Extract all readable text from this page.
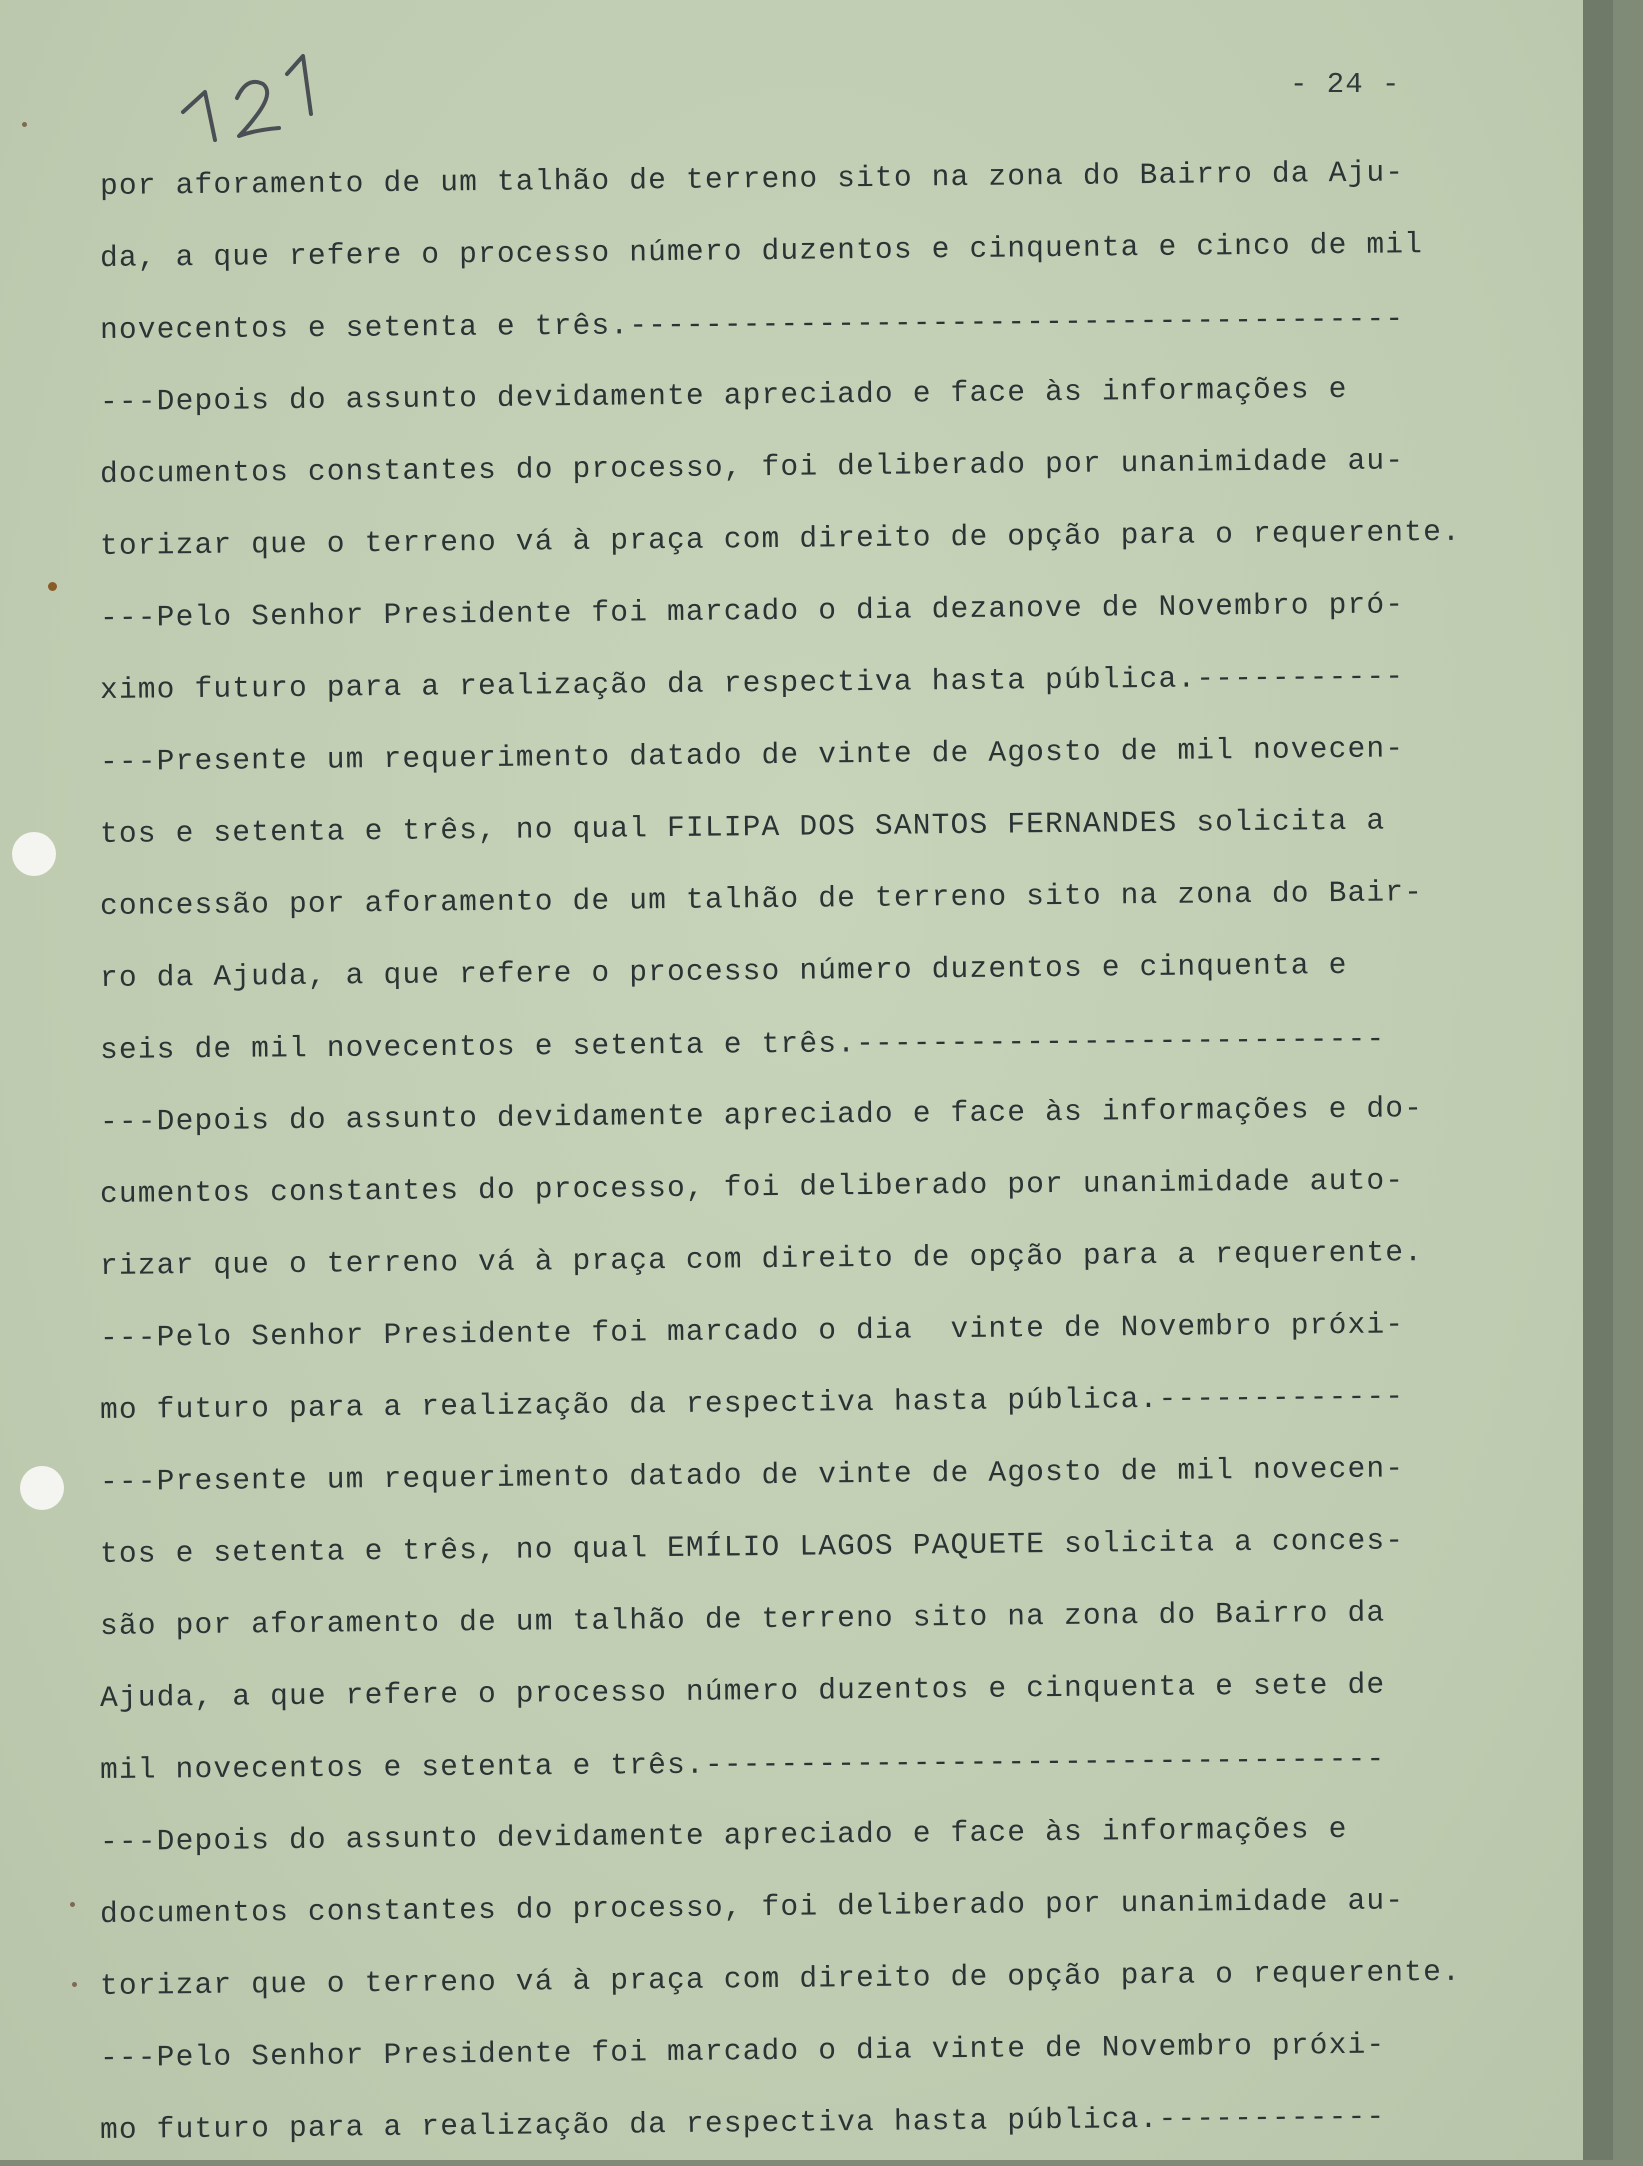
- 24 -
por aforamento de um talhão de terreno sito na zona do Bairro da Aju-
da, a que refere o processo número duzentos e cinquenta e cinco de mil
novecentos e setenta e três.-----------------------------------------
---Depois do assunto devidamente apreciado e face às informações e
documentos constantes do processo, foi deliberado por unanimidade au-
torizar que o terreno vá à praça com direito de opção para o requerente.
---Pelo Senhor Presidente foi marcado o dia dezanove de Novembro pró-
ximo futuro para a realização da respectiva hasta pública.-----------
---Presente um requerimento datado de vinte de Agosto de mil novecen-
tos e setenta e três, no qual FILIPA DOS SANTOS FERNANDES solicita a
concessão por aforamento de um talhão de terreno sito na zona do Bair-
ro da Ajuda, a que refere o processo número duzentos e cinquenta e
seis de mil novecentos e setenta e três.----------------------------
---Depois do assunto devidamente apreciado e face às informações e do-
cumentos constantes do processo, foi deliberado por unanimidade auto-
rizar que o terreno vá à praça com direito de opção para a requerente.
---Pelo Senhor Presidente foi marcado o dia  vinte de Novembro próxi-
mo futuro para a realização da respectiva hasta pública.-------------
---Presente um requerimento datado de vinte de Agosto de mil novecen-
tos e setenta e três, no qual EMÍLIO LAGOS PAQUETE solicita a conces-
são por aforamento de um talhão de terreno sito na zona do Bairro da
Ajuda, a que refere o processo número duzentos e cinquenta e sete de
mil novecentos e setenta e três.------------------------------------
---Depois do assunto devidamente apreciado e face às informações e
documentos constantes do processo, foi deliberado por unanimidade au-
torizar que o terreno vá à praça com direito de opção para o requerente.
---Pelo Senhor Presidente foi marcado o dia vinte de Novembro próxi-
mo futuro para a realização da respectiva hasta pública.------------
